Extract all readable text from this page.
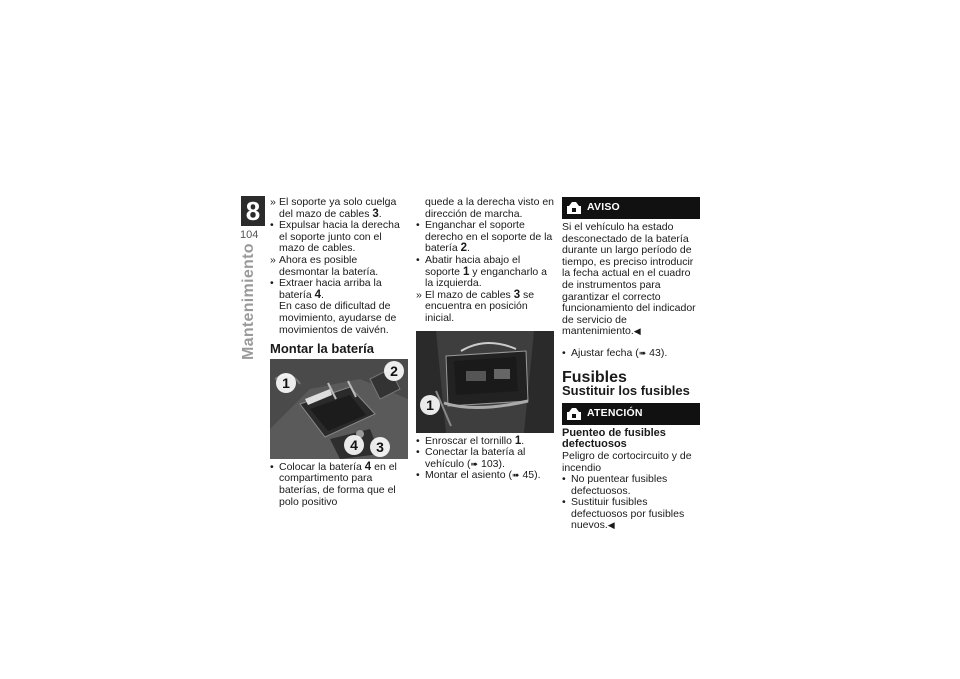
8
104
Mantenimiento
» El soporte ya solo cuelga del mazo de cables 3.
• Expulsar hacia la derecha el soporte junto con el mazo de cables.
» Ahora es posible desmontar la batería.
• Extraer hacia arriba la batería 4.
En caso de dificultad de movimiento, ayudarse de movimientos de vaivén.
Montar la batería
1
2
4	3
• Colocar la batería 4 en el compartimento para baterías, de forma que el polo positivo
quede a la derecha visto en dirección de marcha.
• Enganchar el soporte derecho en el soporte de la batería 2.
• Abatir hacia abajo el soporte 1 y engancharlo a la izquierda.
» El mazo de cables 3 se encuentra en posición inicial.
1
• Enroscar el tornillo 1.
• Conectar la batería al vehículo (➠ 103).
• Montar el asiento (➠ 45).
AVISO

Si el vehículo ha estado desconectado de la batería durante un largo período de tiempo, es preciso introducir la fecha actual en el cuadro de instrumentos para garantizar el correcto funcionamiento del indicador de servicio de mantenimiento.◀

• Ajustar fecha (➠ 43).
Fusibles
Sustituir los fusibles
ATENCIÓN

Puenteo de fusibles defectuosos

Peligro de cortocircuito y de incendio

• No puentear fusibles defectuosos.
• Sustituir fusibles defectuosos por fusibles nuevos.◀
